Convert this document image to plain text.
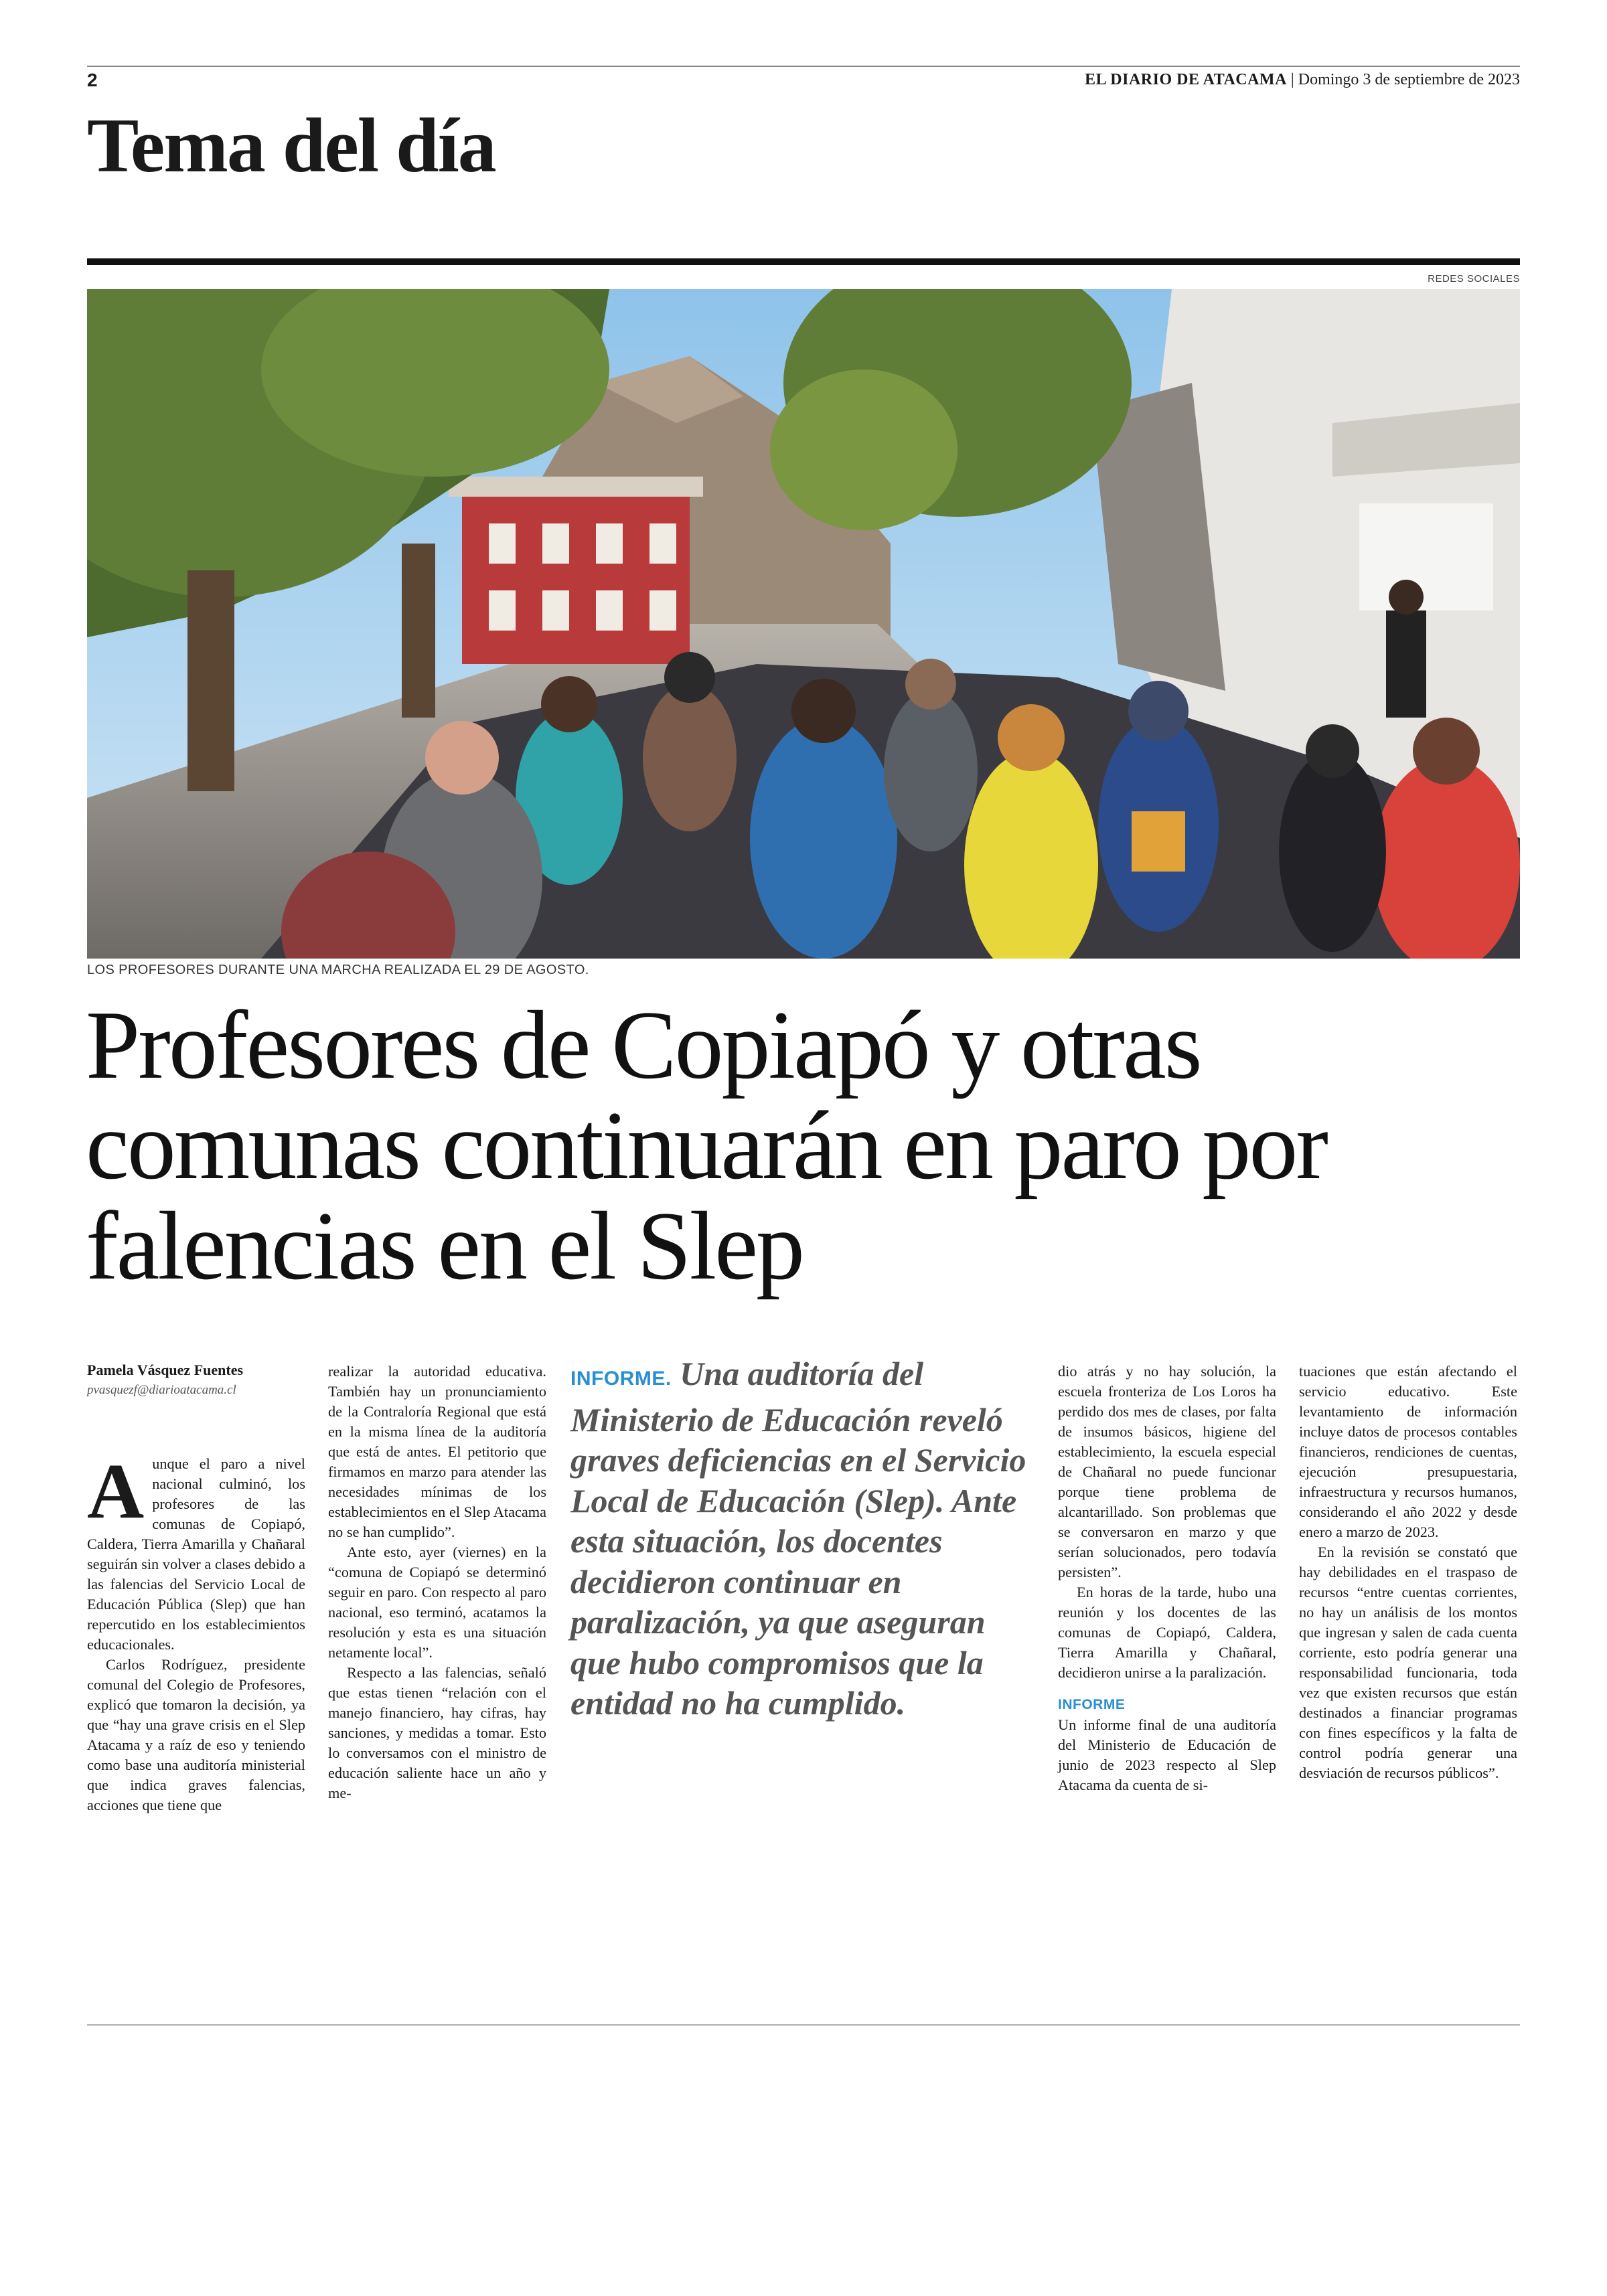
2	EL DIARIO DE ATACAMA | Domingo 3 de septiembre de 2023
Tema del día
REDES SOCIALES
LOS PROFESORES DURANTE UNA MARCHA REALIZADA EL 29 DE AGOSTO.
Profesores de Copiapó y otras comunas continuarán en paro por falencias en el Slep
Pamela Vásquez Fuentes
pvasquezf@diarioatacama.cl

Aunque el paro a nivel nacional culminó, los profesores de las comunas de Copiapó, Caldera, Tierra Amarilla y Chañaral seguirán sin volver a clases debido a las falencias del Servicio Local de Educación Pública (Slep) que han repercutido en los establecimientos educacionales.

Carlos Rodríguez, presidente comunal del Colegio de Profesores, explicó que tomaron la decisión, ya que “hay una grave crisis en el Slep Atacama y a raíz de eso y teniendo como base una auditoría ministerial que indica graves falencias, acciones que tiene que

realizar la autoridad educativa. También hay un pronunciamiento de la Contraloría Regional que está en la misma línea de la auditoría que está de antes. El petitorio que firmamos en marzo para atender las necesidades mínimas de los establecimientos en el Slep Atacama no se han cumplido”.

Ante esto, ayer (viernes) en la “comuna de Copiapó se determinó seguir en paro. Con respecto al paro nacional, eso terminó, acatamos la resolución y esta es una situación netamente local”.

Respecto a las falencias, señaló que estas tienen “relación con el manejo financiero, hay cifras, hay sanciones, y medidas a tomar. Esto lo conversamos con el ministro de educación saliente hace un año y me-

INFORME. Una auditoría del Ministerio de Educación reveló graves deficiencias en el Servicio Local de Educación (Slep). Ante esta situación, los docentes decidieron continuar en paralización, ya que aseguran que hubo compromisos que la entidad no ha cumplido.

dio atrás y no hay solución, la escuela fronteriza de Los Loros ha perdido dos mes de clases, por falta de insumos básicos, higiene del establecimiento, la escuela especial de Chañaral no puede funcionar porque tiene problema de alcantarillado. Son problemas que se conversaron en marzo y que serían solucionados, pero todavía persisten”.

En horas de la tarde, hubo una reunión y los docentes de las comunas de Copiapó, Caldera, Tierra Amarilla y Chañaral, decidieron unirse a la paralización.

INFORME

Un informe final de una auditoría del Ministerio de Educación de junio de 2023 respecto al Slep Atacama da cuenta de si-

tuaciones que están afectando el servicio educativo. Este levantamiento de información incluye datos de procesos contables financieros, rendiciones de cuentas, ejecución presupuestaria, infraestructura y recursos humanos, considerando el año 2022 y desde enero a marzo de 2023.

En la revisión se constató que hay debilidades en el traspaso de recursos “entre cuentas corrientes, no hay un análisis de los montos que ingresan y salen de cada cuenta corriente, esto podría generar una responsabilidad funcionaria, toda vez que existen recursos que están destinados a financiar programas con fines específicos y la falta de control podría generar una desviación de recursos públicos”.
